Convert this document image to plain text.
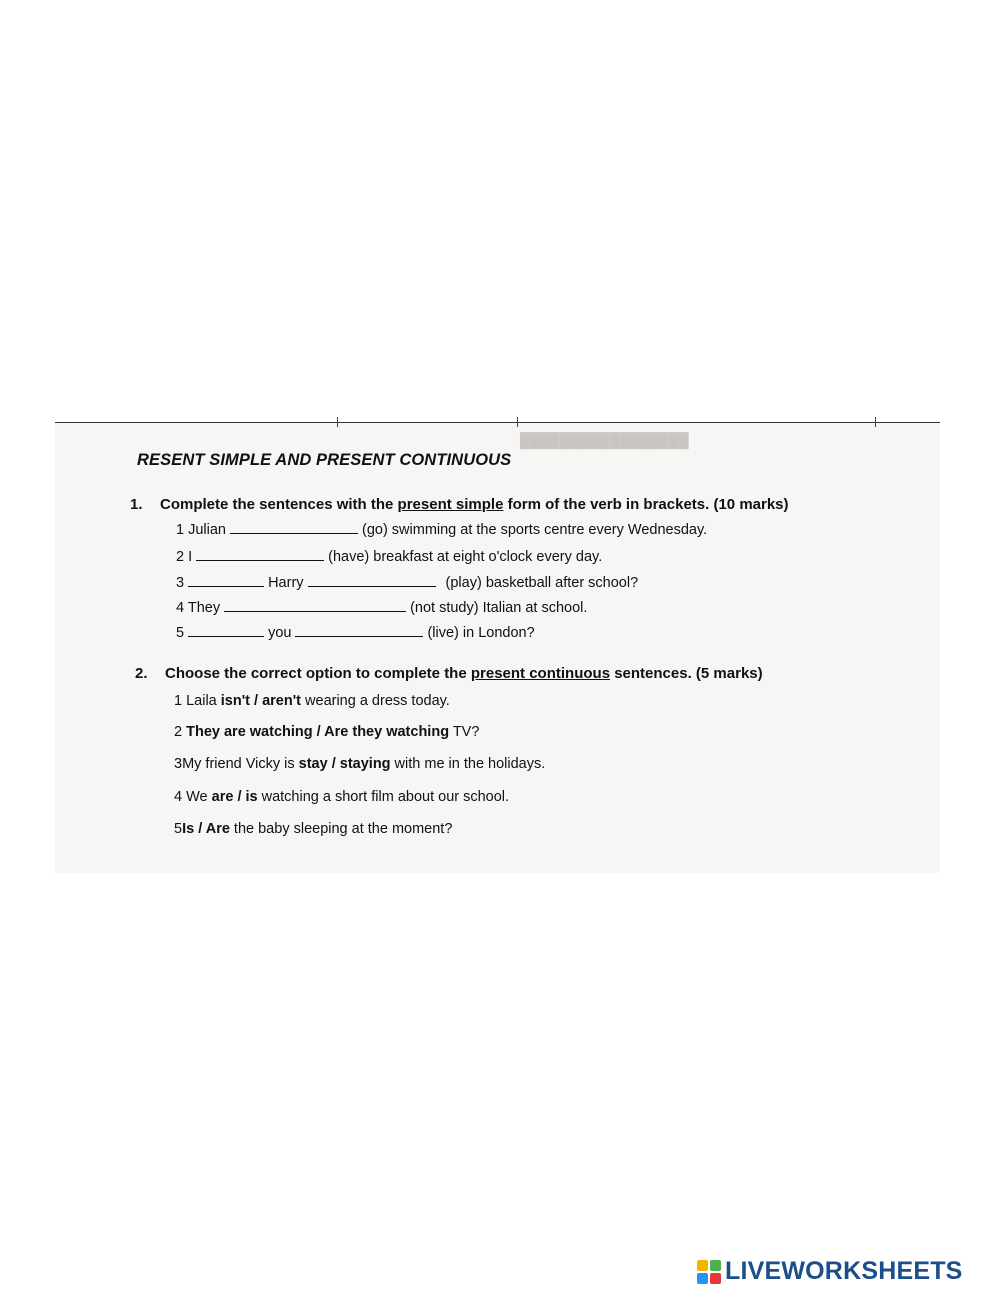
█████████████████
RESENT SIMPLE AND PRESENT CONTINUOUS
1. Complete the sentences with the present simple form of the verb in brackets. (10 marks)
1 Julian	(go) swimming at the sports centre every Wednesday.
2 I	(have) breakfast at eight o'clock every day.
3	Harry	(play) basketball after school?
4 They	(not study) Italian at school.
5	you	(live) in London?
2. Choose the correct option to complete the present continuous sentences. (5 marks)
1 Laila isn't / aren't wearing a dress today.
2 They are watching / Are they watching TV?
3My friend Vicky is stay / staying with me in the holidays.
4 We are / is watching a short film about our school.
5Is / Are the baby sleeping at the moment?
LIVEWORKSHEETS
